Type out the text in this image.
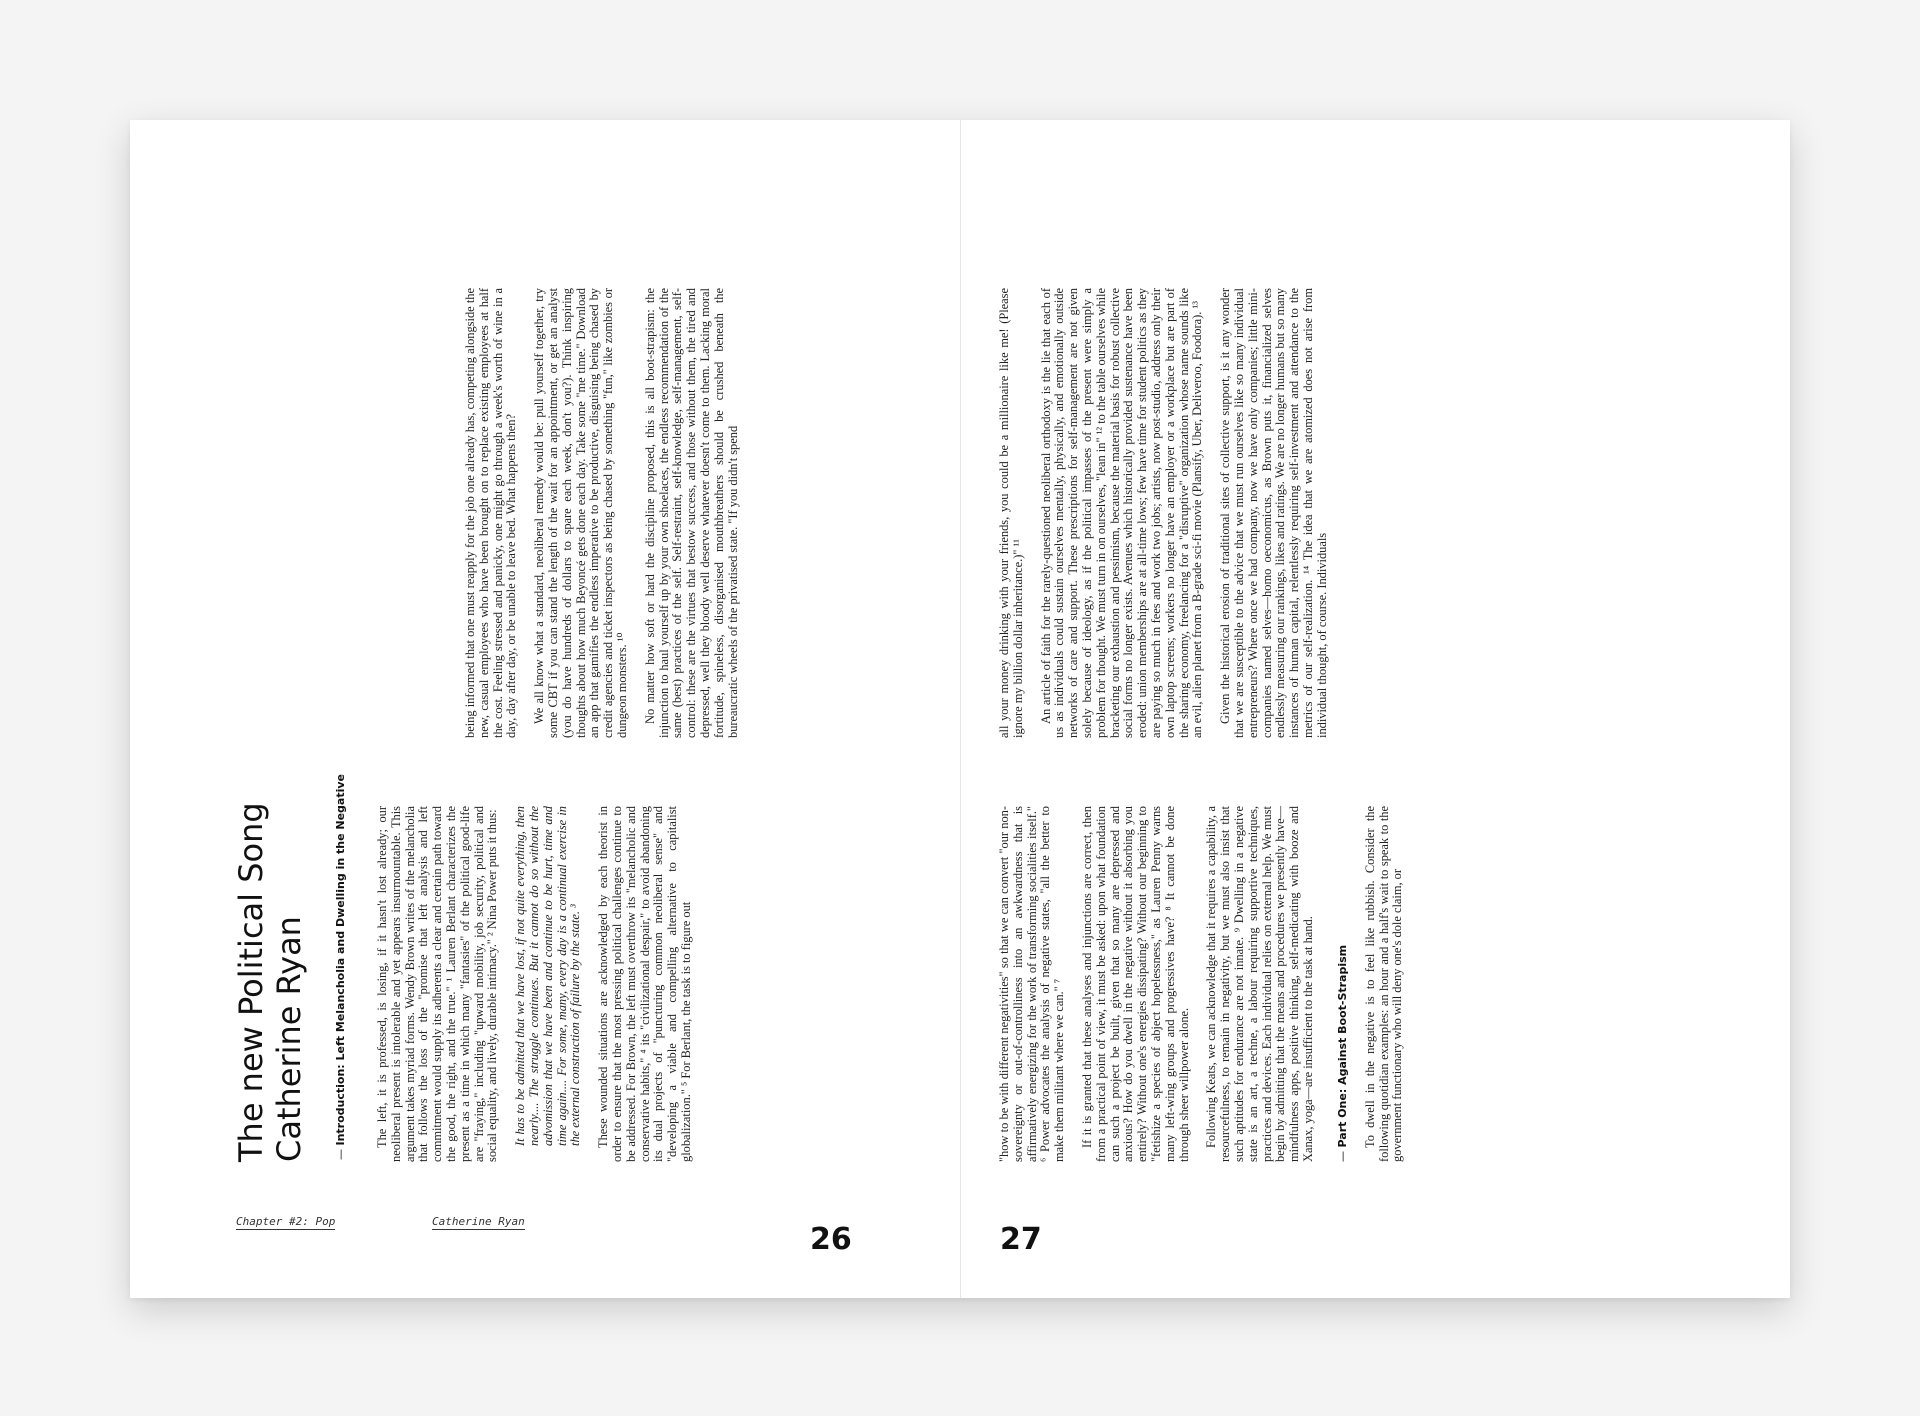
The new Political Song
Catherine Ryan — Introduction: Left Melancholia and Dwelling in the Negative The left, it is professed, is losing, if it hasn't lost already; our neoliberal present is intolerable and yet appears insurmountable. This argument takes myriad forms. Wendy Brown writes of the melancholia that follows the loss of the "promise that left analysis and left commitment would supply its adherents a clear and certain path toward the good, the right, and the true." ¹ Lauren Berlant characterizes the present as a time in which many "fantasies" of the political good-life are "fraying," including "upward mobility, job security, political and social equality, and lively, durable intimacy." ² Nina Power puts it thus: It has to be admitted that we have lost, if not quite everything, then nearly.... The struggle continues. But it cannot do so without the advomission that we have been and continue to be hurt, time and time again.... For some, many, every day is a continual exercise in the external construction of failure by the state. ³ These wounded situations are acknowledged by each theorist in order to ensure that the most pressing political challenges continue to be addressed. For Brown, the left must overthrow its "melancholic and conservative habits," ⁴ its "civilizational despair," to avoid abandoning its dual projects of "puncturing common neoliberal sense" and "developing a viable and compelling alternative to capitalist globalization." ⁵ For Berlant, the task is to figure out

being informed that one must reapply for the job one already has, competing alongside the new, casual employees who have been brought on to replace existing employees at half the cost. Feeling stressed and panicky, one might go through a week's worth of wine in a day, day after day, or be unable to leave bed. What happens then? We all know what a standard, neoliberal remedy would be: pull yourself together, try some CBT if you can stand the length of the wait for an appointment, or get an analyst (you do have hundreds of dollars to spare each week, don't you?). Think inspiring thoughts about how much Beyoncé gets done each day. Take some "me time." Download an app that gamifies the endless imperative to be productive, disguising being chased by credit agencies and ticket inspectors as being chased by something "fun," like zombies or dungeon monsters. ¹⁰ No matter how soft or hard the discipline proposed, this is all boot-strapism: the injunction to haul yourself up by your own shoelaces, the endless recommendation of the same (best) practices of the self. Self-restraint, self-knowledge, self-management, self-control: these are the virtues that bestow success, and those without them, the tired and depressed, well they bloody well deserve whatever doesn't come to them. Lacking moral fortitude, spineless, disorganised mouthbreathers should be crushed beneath the bureaucratic wheels of the privatised state. "If you didn't spend

Chapter #2: Pop	Catherine Ryan
26

"how to be with different negativities" so that we can convert "our non-sovereignty or out-of-controlliness into an awkwardness that is affirmatively energizing for the work of transforming socialities itself." ⁶ Power advocates the analysis of negative states, "all the better to make them militant where we can." ⁷ If it is granted that these analyses and injunctions are correct, then from a practical point of view, it must be asked: upon what foundation can such a project be built, given that so many are depressed and anxious? How do you dwell in the negative without it absorbing you entirely? Without one's energies dissipating? Without our beginning to "fetishize a species of abject hopelessness," as Lauren Penny warns many left-wing groups and progressives have? ⁸ It cannot be done through sheer willpower alone. Following Keats, we can acknowledge that it requires a capability, a resourcefulness, to remain in negativity, but we must also insist that such aptitudes for endurance are not innate. ⁹ Dwelling in a negative state is an art, a techne, a labour requiring supportive techniques, practices and devices. Each individual relies on external help. We must begin by admitting that the means and procedures we presently have—mindfulness apps, positive thinking, self-medicating with booze and Xanax, yoga—are insufficient to the task at hand. — Part One: Against Boot-Strapism To dwell in the negative is to feel like rubbish. Consider the following quotidian examples: an hour and a half's wait to speak to the government functionary who will deny one's dole claim, or

all your money drinking with your friends, you could be a millionaire like me! (Please ignore my billion dollar inheritance.)" ¹¹ An article of faith for the rarely-questioned neoliberal orthodoxy is the lie that each of us as individuals could sustain ourselves mentally, physically, and emotionally outside networks of care and support. These prescriptions for self-management are not given solely because of ideology, as if the political impasses of the present were simply a problem for thought. We must turn in on ourselves, "lean in" ¹² to the table ourselves while bracketing our exhaustion and pessimism, because the material basis for robust collective social forms no longer exists. Avenues which historically provided sustenance have been eroded: union memberships are at all-time lows; few have time for student politics as they are paying so much in fees and work two jobs; artists, now post-studio, address only their own laptop screens; workers no longer have an employer or a workplace but are part of the sharing economy, freelancing for a "disruptive" organization whose name sounds like an evil, alien planet from a B-grade sci-fi movie (Plansify, Uber, Deliveroo, Foodora). ¹³ Given the historical erosion of traditional sites of collective support, is it any wonder that we are susceptible to the advice that we must run ourselves like so many individual entrepreneurs? Where once we had company, now we have only companies; little mini-companies named selves—homo oeconomicus, as Brown puts it, financialized selves endlessly measuring our rankings, likes and ratings. We are no longer humans but so many instances of human capital, relentlessly requiring self-investment and attendance to the metrics of our self-realization. ¹⁴ The idea that we are atomized does not arise from individual thought, of course. Individuals

27
